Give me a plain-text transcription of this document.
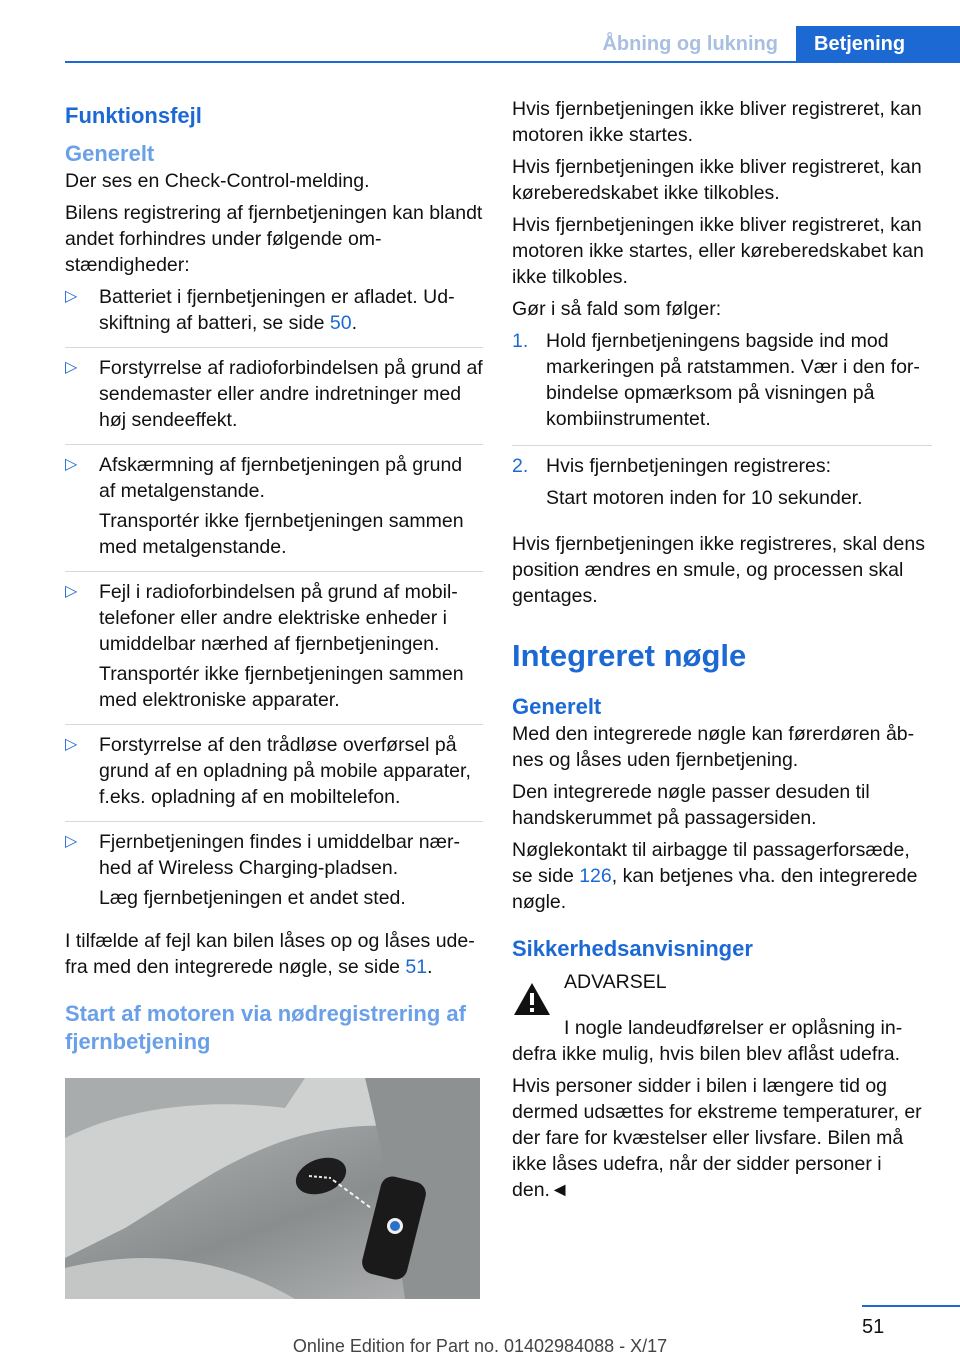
Åbning og lukning	Betjening
Funktionsfejl
Generelt

Der ses en Check-Control-melding.

Bilens registrering af fjernbetjeningen kan blandt andet forhindres under følgende omstændigheder:

▷ Batteriet i fjernbetjeningen er afladet. Udskiftning af batteri, se side 50.

▷ Forstyrrelse af radioforbindelsen på grund af sendemaster eller andre indretninger med høj sendeeffekt.

▷ Afskærmning af fjernbetjeningen på grund af metalgenstande.

Transportér ikke fjernbetjeningen sammen med metalgenstande.

▷ Fejl i radioforbindelsen på grund af mobiltelefoner eller andre elektriske enheder i umiddelbar nærhed af fjernbetjeningen.

Transportér ikke fjernbetjeningen sammen med elektroniske apparater.

▷ Forstyrrelse af den trådløse overførsel på grund af en opladning på mobile apparater, f.eks. opladning af en mobiltelefon.

▷ Fjernbetjeningen findes i umiddelbar nærhed af Wireless Charging-pladsen.

Læg fjernbetjeningen et andet sted.

I tilfælde af fejl kan bilen låses op og låses udefra med den integrerede nøgle, se side 51.

Start af motoren via nødregistrering af fjernbetjening

Hvis fjernbetjeningen ikke bliver registreret, kan motoren ikke startes.

Hvis fjernbetjeningen ikke bliver registreret, kan køreberedskabet ikke tilkobles.

Hvis fjernbetjeningen ikke bliver registreret, kan motoren ikke startes, eller køreberedskabet kan ikke tilkobles.

Gør i så fald som følger:

1. Hold fjernbetjeningens bagside ind mod markeringen på ratstammen. Vær i den forbindelse opmærksom på visningen på kombiinstrumentet.

2. Hvis fjernbetjeningen registreres:

Start motoren inden for 10 sekunder.

Hvis fjernbetjeningen ikke registreres, skal dens position ændres en smule, og processen skal gentages.

Integreret nøgle
Generelt

Med den integrerede nøgle kan førerdøren åbnes og låses uden fjernbetjening.

Den integrerede nøgle passer desuden til handskerummet på passagersiden.

Nøglekontakt til airbagge til passagerforsæde, se side 126, kan betjenes vha. den integrerede nøgle.

Sikkerhedsanvisninger

ADVARSEL

I nogle landeudførelser er oplåsning indefra ikke mulig, hvis bilen blev aflåst udefra.

Hvis personer sidder i bilen i længere tid og dermed udsættes for ekstreme temperaturer, er der fare for kvæstelser eller livsfare. Bilen må ikke låses udefra, når der sidder personer i den.◄

51
Online Edition for Part no. 01402984088 - X/17
